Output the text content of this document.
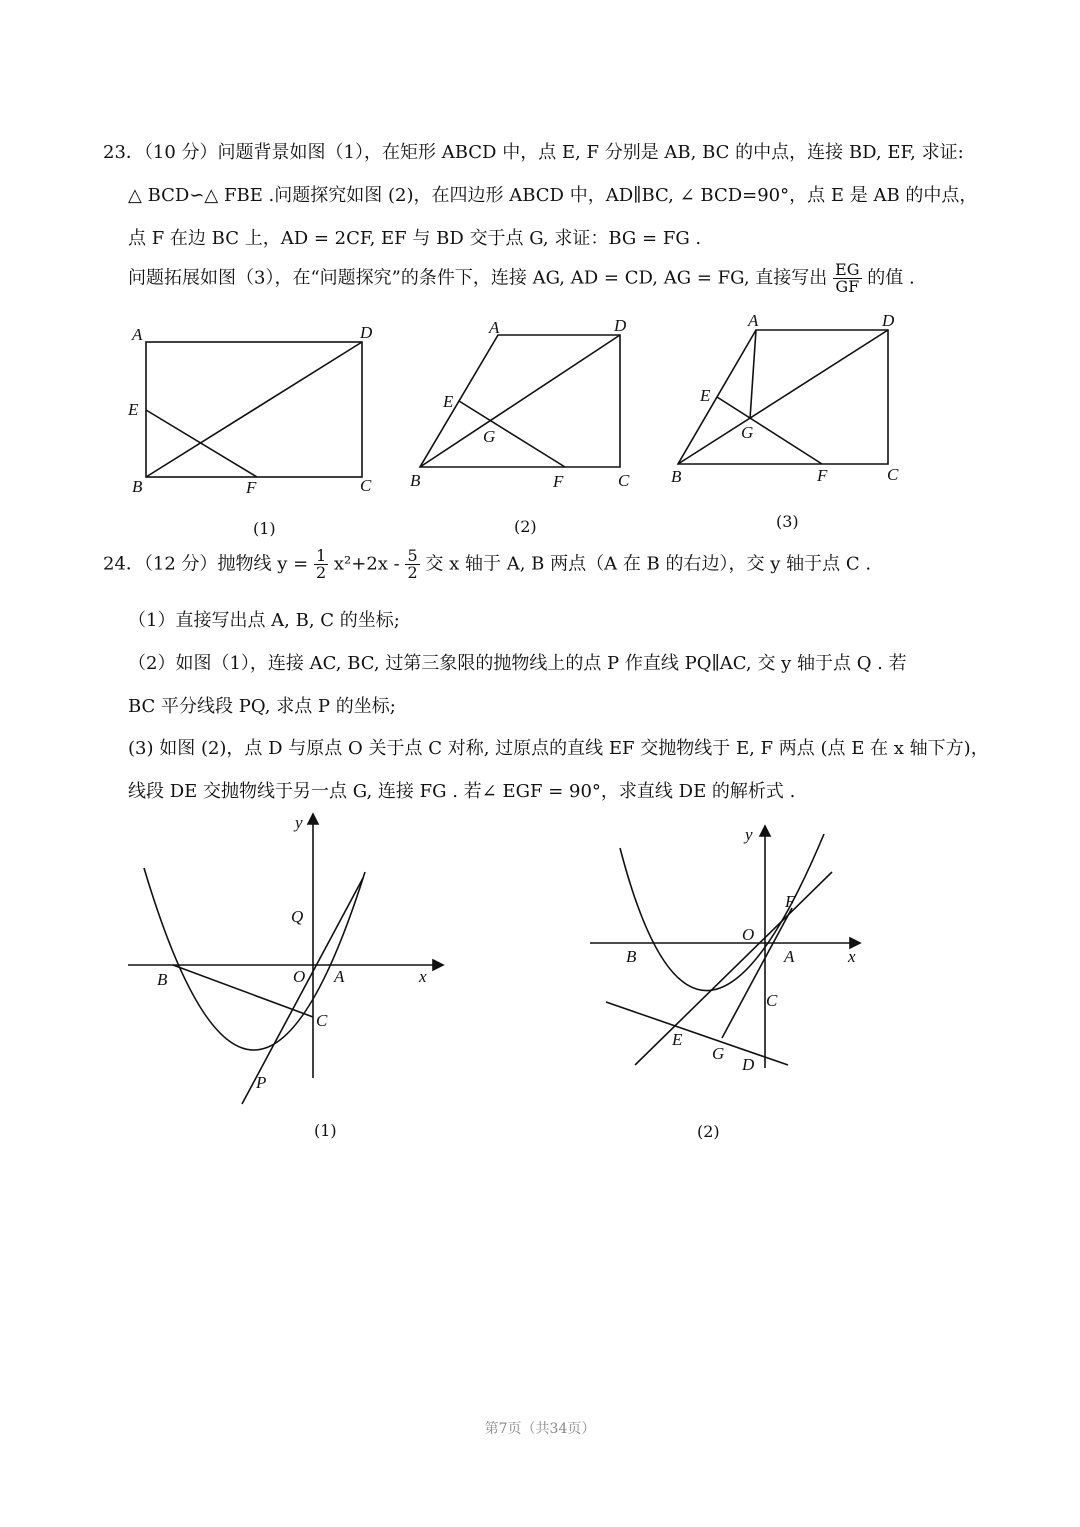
23．（10 分）问题背景如图（1），在矩形 ABCD 中，点 E, F 分别是 AB, BC 的中点，连接 BD, EF, 求证:
△ BCD∽△ FBE .问题探究如图 (2)，在四边形 ABCD 中，AD∥BC, ∠ BCD=90°，点 E 是 AB 的中点，
点 F 在边 BC 上，AD = 2CF, EF 与 BD 交于点 G, 求证：BG = FG .
问题拓展如图（3），在“问题探究”的条件下，连接 AG, AD = CD, AG = FG, 直接写出 $\frac{EG}{GF}$ 的值 .
A	D
E
B	F	C
A	D
E
G
B	F	C
A	D
E
G
B	F	C
(1)	(2)	(3)
24．（12 分）抛物线 $y = \frac{1}{2} x^2+2x - \frac{5}{2}$ 交 x 轴于 A, B 两点（A 在 B 的右边），交 y 轴于点 C .
（1）直接写出点 A, B, C 的坐标;
（2）如图（1），连接 AC, BC, 过第三象限的抛物线上的点 P 作直线 PQ∥AC, 交 y 轴于点 Q . 若
BC 平分线段 PQ, 求点 P 的坐标;
(3) 如图 (2)，点 D 与原点 O 关于点 C 对称, 过原点的直线 EF 交抛物线于 E, F 两点 (点 E 在 x 轴下方)，
线段 DE 交抛物线于另一点 G, 连接 FG . 若∠ EGF = 90°，求直线 DE 的解析式 .
y
x
Q
O A
B
C
P
(1)
y
x
F
O
B	A
C
E
G
D
(2)
第7页（共34页）
